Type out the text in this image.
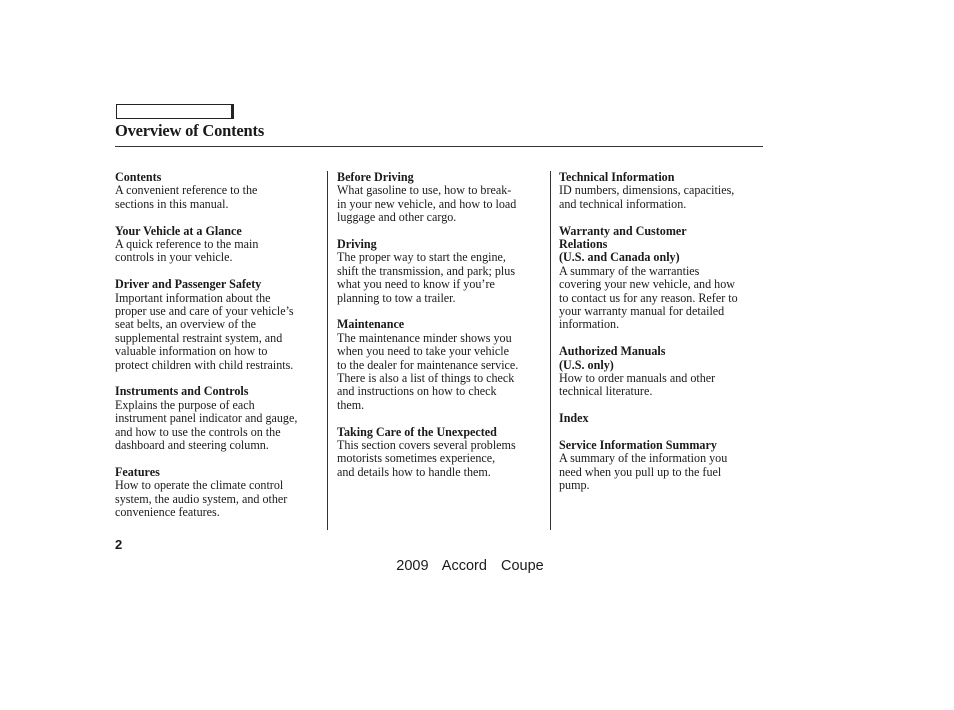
Overview of Contents
Contents
A convenient reference to the
sections in this manual.
Your Vehicle at a Glance
A quick reference to the main
controls in your vehicle.
Driver and Passenger Safety
Important information about the
proper use and care of your vehicle’s
seat belts, an overview of the
supplemental restraint system, and
valuable information on how to
protect children with child restraints.
Instruments and Controls
Explains the purpose of each
instrument panel indicator and gauge,
and how to use the controls on the
dashboard and steering column.
Features
How to operate the climate control
system, the audio system, and other
convenience features.
Before Driving
What gasoline to use, how to break-
in your new vehicle, and how to load
luggage and other cargo.
Driving
The proper way to start the engine,
shift the transmission, and park; plus
what you need to know if you’re
planning to tow a trailer.
Maintenance
The maintenance minder shows you
when you need to take your vehicle
to the dealer for maintenance service.
There is also a list of things to check
and instructions on how to check
them.
Taking Care of the Unexpected
This section covers several problems
motorists sometimes experience,
and details how to handle them.
Technical Information
ID numbers, dimensions, capacities,
and technical information.
Warranty and Customer
Relations
(U.S. and Canada only)
A summary of the warranties
covering your new vehicle, and how
to contact us for any reason. Refer to
your warranty manual for detailed
information.
Authorized Manuals
(U.S. only)
How to order manuals and other
technical literature.
Index
Service Information Summary
A summary of the information you
need when you pull up to the fuel
pump.
2
2009  Accord  Coupe
